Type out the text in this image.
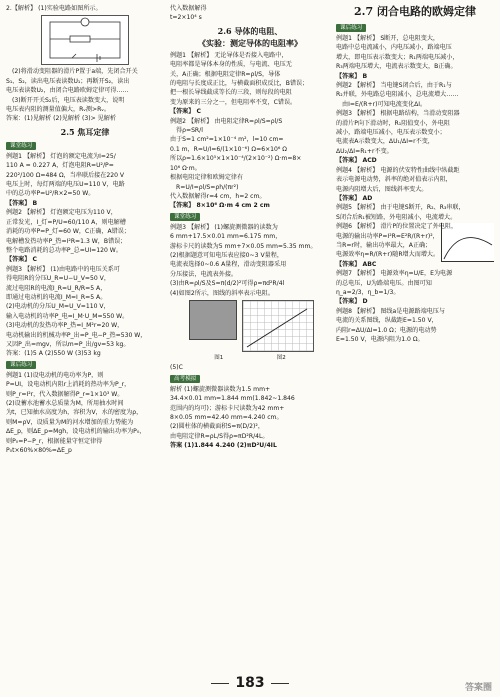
2.【解析】 (1)实验电路如图所示。
(2)将滑动变阻器的滑片P置于a端，先闭合开关
S₁、S₂，读出电压表读数U₁；再断开S₂，读出
电压表读数U₂，由闭合电路欧姆定律可得……
(3)断开开关S₂后，电压表读数变大，说明
电压表内阻的测量值偏大，Rᵥ测>Rᵥ。
答案：(1)见解析 (2)见解析 (3)> 见解析
2.5 焦耳定律
课堂练习
例题1 【解析】 灯泡的额定电流为I=25/
110 A = 0.227 A，灯泡电阻R=U²/P=
220²/100 Ω=484 Ω，当串联后接在220 V
电压上时，每灯两端的电压U=110 V，电路
中的总功率P=U²/R×2=50 W。
【答案】 B
例题2 【解析】 灯泡额定电压为110 V，
正常发光，I_灯=P/U=60/110 A，则电解槽
消耗的功率P=P_灯=60 W，C正确，A错误；
电解槽发热功率P_热=I²R=1.3 W，B错误；
整个电路消耗的总功率P_总=UI=120 W。
【答案】 C
例题3 【解析】 (1)由电路中的电压关系可
得电阻R的分压U_R=U−U_V=50 V，
流过电阻R的电流I_R=U_R/R=5 A，
即通过电动机的电流I_M=I_R=5 A。
(2)电动机的分压U_M=U_V=110 V，
输入电动机的功率P_电=I_M·U_M=550 W。
(3)电动机的发热功率P_热=I_M²r=20 W，
电动机输出的机械功率P_出=P_电−P_热=530 W，
又因P_出=mgv，所以m=P_出/gv=53 kg。
答案：(1)5 A (2)550 W (3)53 kg
课后练习
例题1 (1)设电动机的电功率为P，则
P=UI，设电动机内阻r上消耗的热功率为P_r，
则P_r=I²r，代入数据解得P_r=1×10³ W。
(2)设蓄水池蓄水总质量为M，所用抽水时间
为t，已知抽水高度为h，容积为V，水的密度为ρ，
则M=ρV，设质量为M的河水增加的重力势能为
ΔE_p，则ΔE_p=Mgh，设电动机的输出功率为P₀，
则P₀=P−P_r，根据能量守恒定律得
P₀t×60%×80%=ΔE_p
代入数据解得
t=2×10⁴ s
2.6 导体的电阻、
《实验：测定导体的电阻率》
例题1 【解析】 无论导体是否接入电路中，
电阻率都是导体本身的性质，与电流、电压无
关，A正确；根据电阻定律R=ρl/S，导体
的电阻与长度成正比，与横截面积成反比，B错误；
把一根长导线截成等长的三段，则每段的电阻
变为原来的三分之一，但电阻率不变，C错误。
【答案】 C
例题2 【解析】 由电阻定律R=ρl/S=ρl/S
得ρ=SR/l
由于S=1 cm²=1×10⁻⁴ m²，l=10 cm=
0.1 m，R=U/I=6/(1×10⁻⁶) Ω=6×10⁶ Ω
所以ρ=1.6×10⁵×1×10⁻⁴/(2×10⁻²) Ω·m=8×
10⁶ Ω·m。
根据电阻定律和欧姆定律有
R=U/I=ρl/S=ρh/(πr²)
代入数据解得r=4 cm，h=2 cm。
【答案】 8×10⁶ Ω·m 4 cm 2 cm
课堂练习
例题3 【解析】 (1)螺旋测微器的读数为
6 mm+17.5×0.01 mm=6.175 mm，
游标卡尺的读数为5 mm+7×0.05 mm=5.35 mm。
(2)根据题意可知电压表应接0~3 V量程，
电流表选择0~0.6 A量程，滑动变阻器采用
分压接法，电流表外接。
(3)由R=ρl/S及S=π(d/2)²可得ρ=πd²R/4l
(4)如图2所示，图线的斜率表示电阻。

图1	图2
(5)C
高考模拟
解析 (1)螺旋测微器读数为1.5 mm+
34.4×0.01 mm=1.844 mm(1.842~1.846
范围内的均可)；游标卡尺读数为42 mm+
8×0.05 mm=42.40 mm=4.240 cm。
(2)圆柱体的横截面积S=π(D/2)²，
由电阻定律R=ρL/S得ρ=πD²R/4L。
答案 (1)1.844 4.240 (2)πD²U/4IL
2.7 闭合电路的欧姆定律
课后练习
例题1 【解析】 S断开，总电阻变大，
电路中总电流减小，内电压减小，路端电压
增大，即电压表示数变大；R₁两端电压减小，
R₃两端电压增大，电流表示数变大，B正确。
【答案】 B
例题2 【解析】 当电键S闭合后，由于R₁与
R₂并联，外电路总电阻减小，总电流增大……
由I=E/(R+r)可知电流变化ΔI。
例题3 【解析】 根据电路结构，当滑动变阻器
的滑片P向下滑动时，R₁阻值变小，外电阻
减小，路端电压减小，电压表示数变小；
电流表A示数变大，ΔU₁/ΔI=r不变，
ΔU₂/ΔI=R₁+r不变。
【答案】 ACD
例题4 【解析】 电源的伏安特性曲线中纵截距
表示电源电动势，斜率的绝对值表示内阻，
电源内阻增大后，图线斜率变大。
【答案】 AD
例题5 【解析】 由于电键S断开，R₂、R₃串联，
S闭合后R₁被短路，外电阻减小，电流增大。
例题6 【解析】 滑片P的位置决定了外电阻，
电源的输出功率P=I²R=E²R/(R+r)²，
当R=r时，输出功率最大，A正确；
电源效率η=R/(R+r)随R增大而增大。
【答案】 ABC
例题7 【解析】 电源效率η=U/E，E为电源
的总电压，U为路端电压。由图可知
η_a=2/3，η_b=1/3。
【答案】 D
例题8 【解析】 图线a是电源路端电压与
电流的关系图线，纵截距E=1.50 V，
内阻r=ΔU/ΔI=1.0 Ω；电源的电动势
E=1.50 V，电源内阻为1.0 Ω。
183	答案圈
